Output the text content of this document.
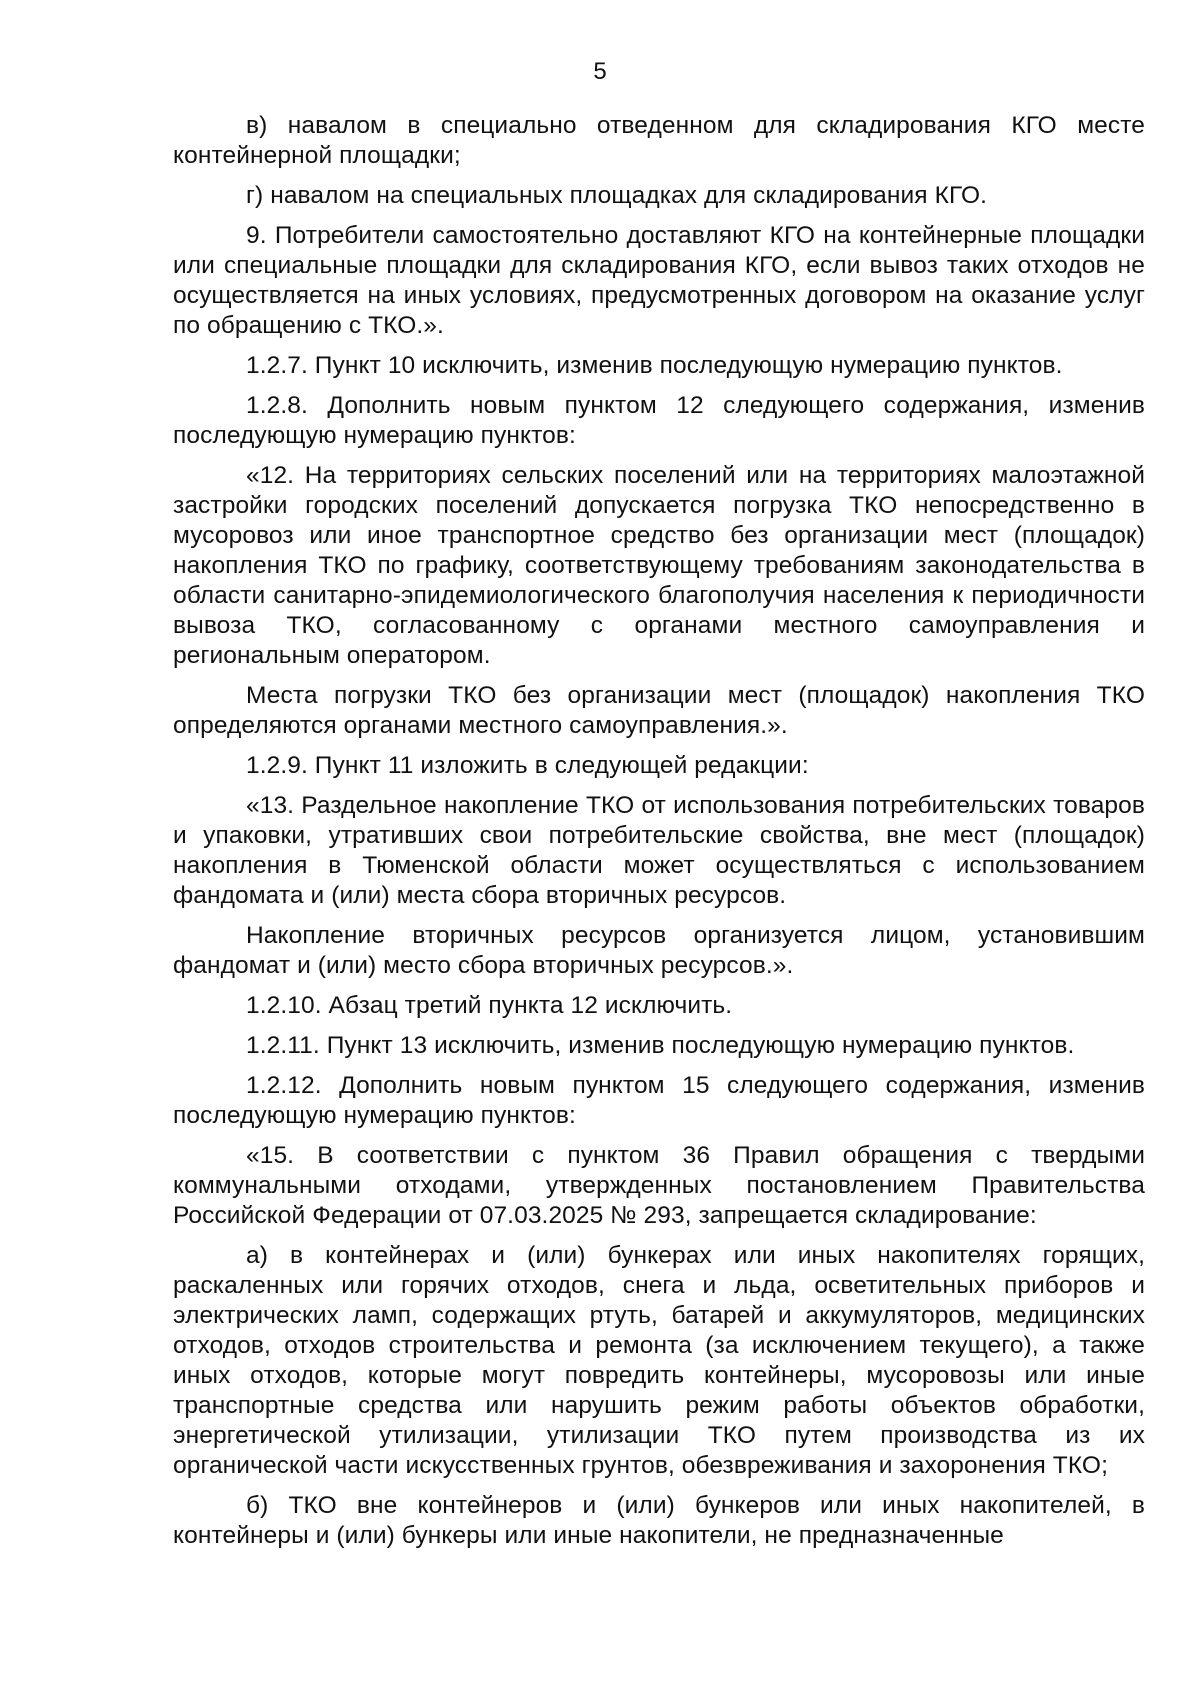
5

в) навалом в специально отведенном для складирования КГО месте контейнерной площадки;

г) навалом на специальных площадках для складирования КГО.

9. Потребители самостоятельно доставляют КГО на контейнерные площадки или специальные площадки для складирования КГО, если вывоз таких отходов не осуществляется на иных условиях, предусмотренных договором на оказание услуг по обращению с ТКО.».

1.2.7. Пункт 10 исключить, изменив последующую нумерацию пунктов.

1.2.8. Дополнить новым пунктом 12 следующего содержания, изменив последующую нумерацию пунктов:

«12. На территориях сельских поселений или на территориях малоэтажной застройки городских поселений допускается погрузка ТКО непосредственно в мусоровоз или иное транспортное средство без организации мест (площадок) накопления ТКО по графику, соответствующему требованиям законодательства в области санитарно-эпидемиологического благополучия населения к периодичности вывоза ТКО, согласованному с органами местного самоуправления и региональным оператором.

Места погрузки ТКО без организации мест (площадок) накопления ТКО определяются органами местного самоуправления.».

1.2.9. Пункт 11 изложить в следующей редакции:

«13. Раздельное накопление ТКО от использования потребительских товаров и упаковки, утративших свои потребительские свойства, вне мест (площадок) накопления в Тюменской области может осуществляться с использованием фандомата и (или) места сбора вторичных ресурсов.

Накопление вторичных ресурсов организуется лицом, установившим фандомат и (или) место сбора вторичных ресурсов.».

1.2.10. Абзац третий пункта 12 исключить.

1.2.11. Пункт 13 исключить, изменив последующую нумерацию пунктов.

1.2.12. Дополнить новым пунктом 15 следующего содержания, изменив последующую нумерацию пунктов:

«15. В соответствии с пунктом 36 Правил обращения с твердыми коммунальными отходами, утвержденных постановлением Правительства Российской Федерации от 07.03.2025 № 293, запрещается складирование:

а) в контейнерах и (или) бункерах или иных накопителях горящих, раскаленных или горячих отходов, снега и льда, осветительных приборов и электрических ламп, содержащих ртуть, батарей и аккумуляторов, медицинских отходов, отходов строительства и ремонта (за исключением текущего), а также иных отходов, которые могут повредить контейнеры, мусоровозы или иные транспортные средства или нарушить режим работы объектов обработки, энергетической утилизации, утилизации ТКО путем производства из их органической части искусственных грунтов, обезвреживания и захоронения ТКО;

б) ТКО вне контейнеров и (или) бункеров или иных накопителей, в контейнеры и (или) бункеры или иные накопители, не предназначенные
